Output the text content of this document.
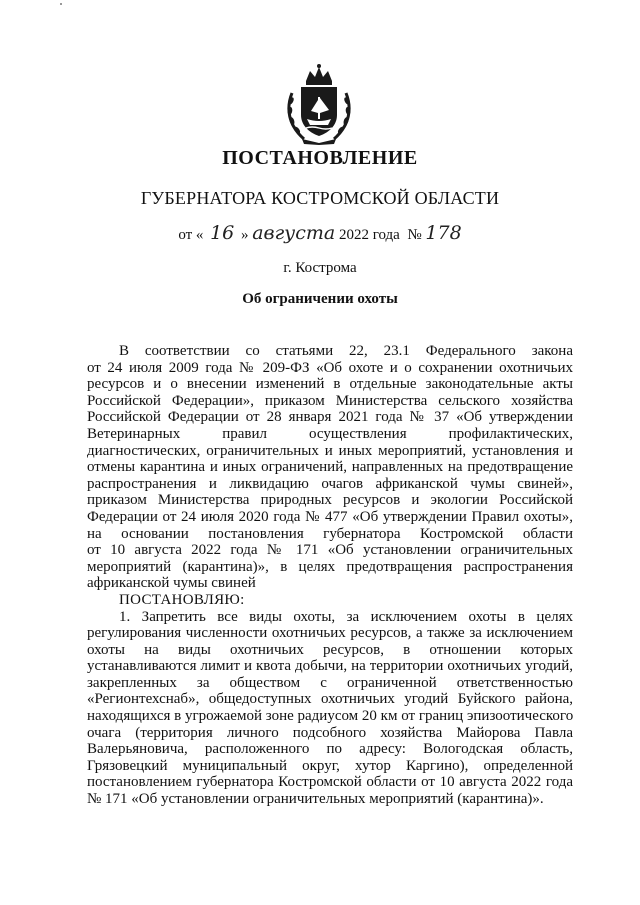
ПОСТАНОВЛЕНИЕ
ГУБЕРНАТОРА КОСТРОМСКОЙ ОБЛАСТИ
от « 16 » августа 2022 года № 178
г. Кострома
Об ограничении охоты
В соответствии со статьями 22, 23.1 Федерального закона
от 24 июля 2009 года № 209-ФЗ «Об охоте и о сохранении охотничьих
ресурсов и о внесении изменений в отдельные законодательные акты
Российской Федерации», приказом Министерства сельского хозяйства
Российской Федерации от 28 января 2021 года № 37 «Об утверждении
Ветеринарных правил осуществления профилактических,
диагностических, ограничительных и иных мероприятий, установления и
отмены карантина и иных ограничений, направленных на предотвращение
распространения и ликвидацию очагов африканской чумы свиней»,
приказом Министерства природных ресурсов и экологии Российской
Федерации от 24 июля 2020 года № 477 «Об утверждении Правил охоты»,
на основании постановления губернатора Костромской области
от 10 августа 2022 года № 171 «Об установлении ограничительных
мероприятий (карантина)», в целях предотвращения распространения
африканской чумы свиней
ПОСТАНОВЛЯЮ:
1. Запретить все виды охоты, за исключением охоты в целях
регулирования численности охотничьих ресурсов, а также за исключением
охоты на виды охотничьих ресурсов, в отношении которых
устанавливаются лимит и квота добычи, на территории охотничьих угодий,
закрепленных за обществом с ограниченной ответственностью
«Регионтехснаб», общедоступных охотничьих угодий Буйского района,
находящихся в угрожаемой зоне радиусом 20 км от границ эпизоотического
очага (территория личного подсобного хозяйства Майорова Павла
Валерьяновича, расположенного по адресу: Вологодская область,
Грязовецкий муниципальный округ, хутор Каргино), определенной
постановлением губернатора Костромской области от 10 августа 2022 года
№ 171 «Об установлении ограничительных мероприятий (карантина)».
